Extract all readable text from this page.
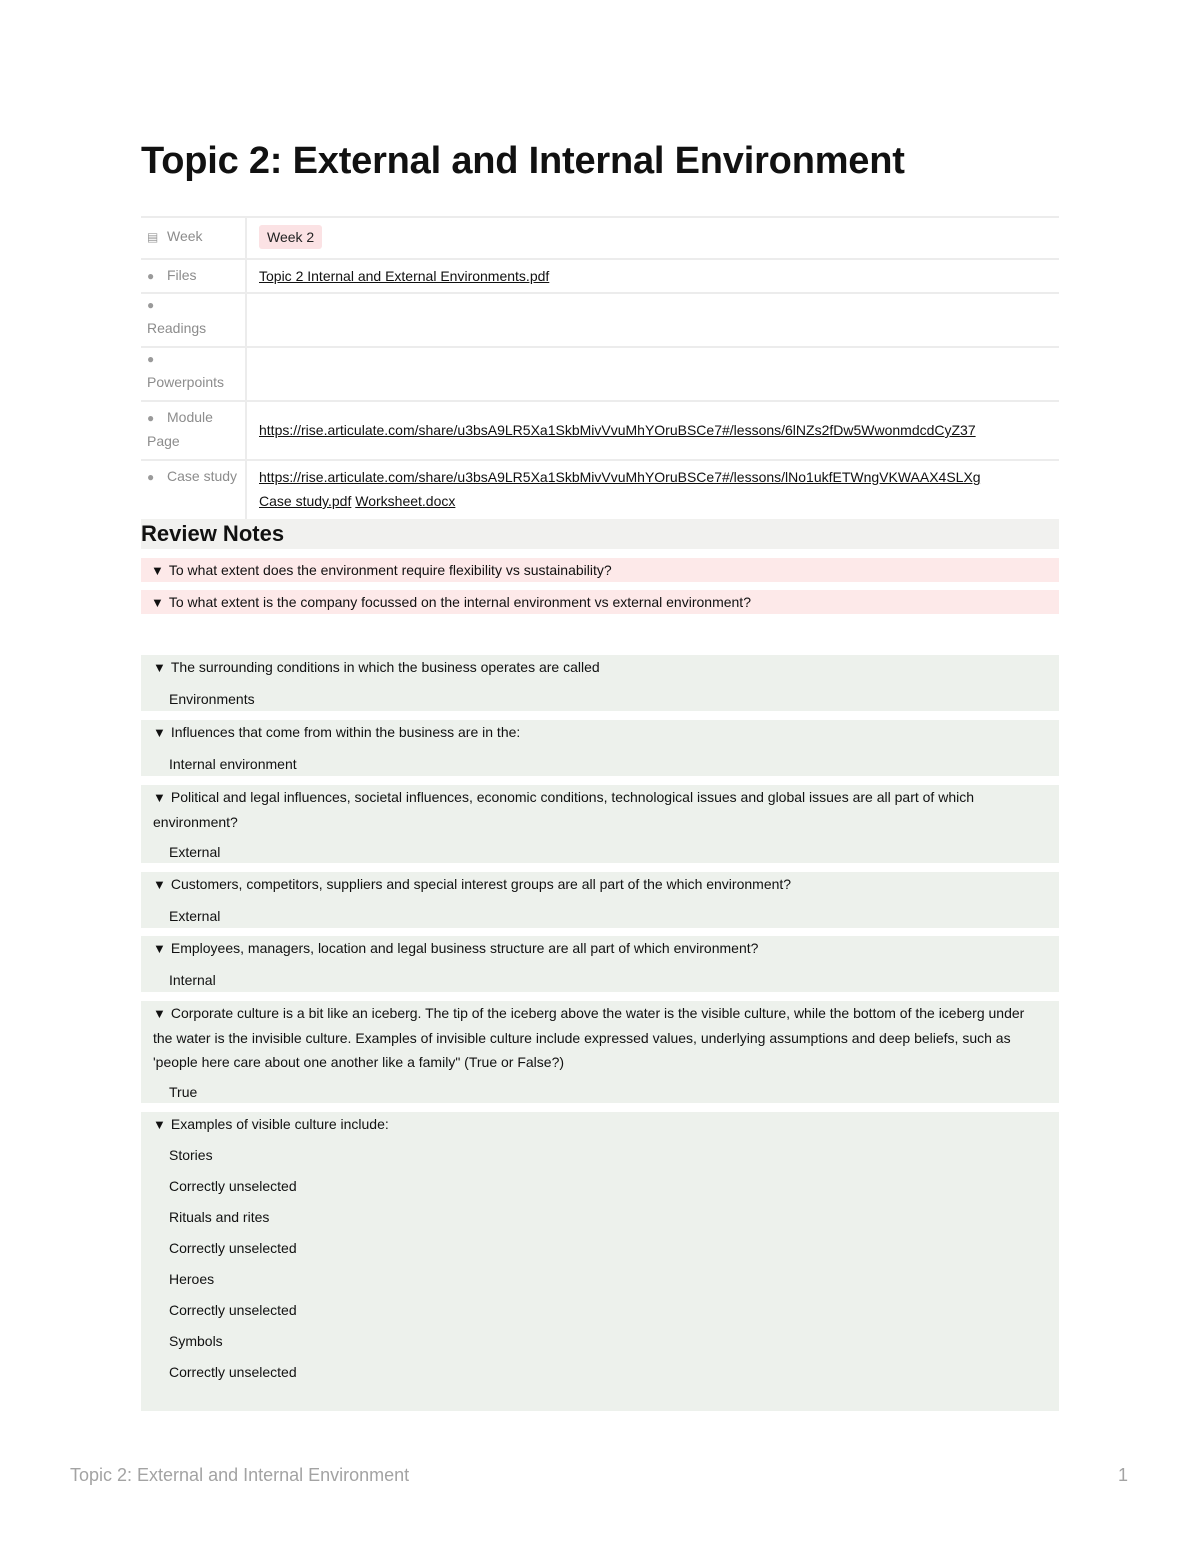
Topic 2: External and Internal Environment
▤ Week	Week 2
● Files	Topic 2 Internal and External Environments.pdf

●
Readings	

●
Powerpoints	
● Module Page	https://rise.articulate.com/share/u3bsA9LR5Xa1SkbMivVvuMhYOruBSCe7#/lessons/6lNZs2fDw5WwonmdcdCyZ37

● Case study	https://rise.articulate.com/share/u3bsA9LR5Xa1SkbMivVvuMhYOruBSCe7#/lessons/lNo1ukfETWngVKWAAX4SLXg
Case study.pdf Worksheet.docx
Review Notes
▼ To what extent does the environment require flexibility vs sustainability?
▼ To what extent is the company focussed on the internal environment vs external environment?
▼ The surrounding conditions in which the business operates are called
Environments
▼ Influences that come from within the business are in the:
Internal environment
▼ Political and legal influences, societal influences, economic conditions, technological issues and global issues are all part of which environment?
External
▼ Customers, competitors, suppliers and special interest groups are all part of the which environment?
External
▼ Employees, managers, location and legal business structure are all part of which environment?
Internal
▼ Corporate culture is a bit like an iceberg. The tip of the iceberg above the water is the visible culture, while the bottom of the iceberg under the water is the invisible culture. Examples of invisible culture include expressed values, underlying assumptions and deep beliefs, such as 'people here care about one another like a family" (True or False?)
True
▼ Examples of visible culture include:
Stories
Correctly unselected
Rituals and rites
Correctly unselected
Heroes
Correctly unselected
Symbols
Correctly unselected
Topic 2: External and Internal Environment	1
